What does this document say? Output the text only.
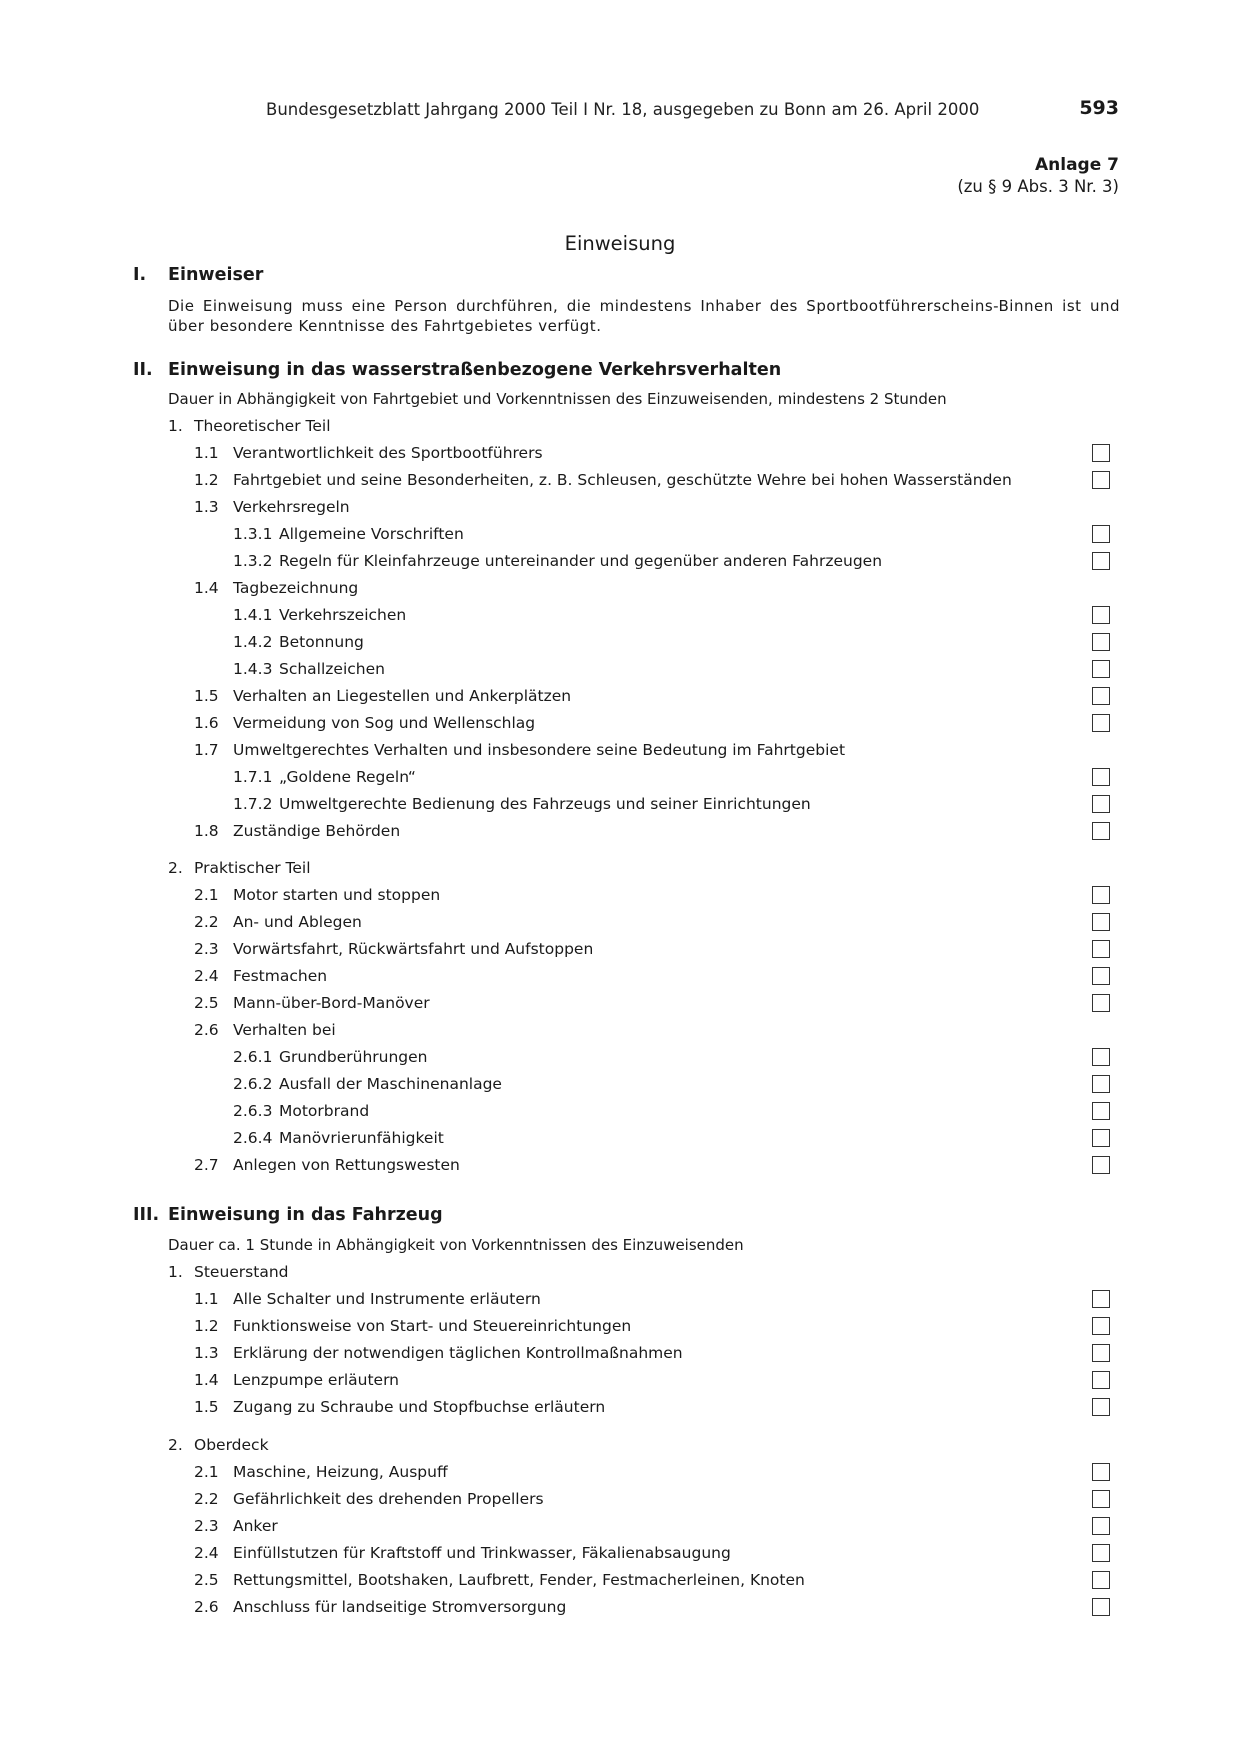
Bundesgesetzblatt Jahrgang 2000 Teil I Nr. 18, ausgegeben zu Bonn am 26. April 2000	593
Anlage 7
(zu § 9 Abs. 3 Nr. 3)
Einweisung
I. Einweiser
Die Einweisung muss eine Person durchführen, die mindestens Inhaber des Sportbootführerscheins-Binnen ist und über besondere Kenntnisse des Fahrtgebietes verfügt.
II. Einweisung in das wasserstraßenbezogene Verkehrsverhalten
Dauer in Abhängigkeit von Fahrtgebiet und Vorkenntnissen des Einzuweisenden, mindestens 2 Stunden
III. Einweisung in das Fahrzeug
Dauer ca. 1 Stunde in Abhängigkeit von Vorkenntnissen des Einzuweisenden
1. Theoretischer Teil
1.1 Verantwortlichkeit des Sportbootführers
1.2 Fahrtgebiet und seine Besonderheiten, z. B. Schleusen, geschützte Wehre bei hohen Wasserständen
1.3 Verkehrsregeln
1.3.1 Allgemeine Vorschriften
1.3.2 Regeln für Kleinfahrzeuge untereinander und gegenüber anderen Fahrzeugen
1.4 Tagbezeichnung
1.4.1 Verkehrszeichen
1.4.2 Betonnung
1.4.3 Schallzeichen
1.5 Verhalten an Liegestellen und Ankerplätzen
1.6 Vermeidung von Sog und Wellenschlag
1.7 Umweltgerechtes Verhalten und insbesondere seine Bedeutung im Fahrtgebiet
1.7.1 „Goldene Regeln“
1.7.2 Umweltgerechte Bedienung des Fahrzeugs und seiner Einrichtungen
1.8 Zuständige Behörden
2. Praktischer Teil
2.1 Motor starten und stoppen
2.2 An- und Ablegen
2.3 Vorwärtsfahrt, Rückwärtsfahrt und Aufstoppen
2.4 Festmachen
2.5 Mann-über-Bord-Manöver
2.6 Verhalten bei
2.6.1 Grundberührungen
2.6.2 Ausfall der Maschinenanlage
2.6.3 Motorbrand
2.6.4 Manövrierunfähigkeit
2.7 Anlegen von Rettungswesten
1. Steuerstand
1.1 Alle Schalter und Instrumente erläutern
1.2 Funktionsweise von Start- und Steuereinrichtungen
1.3 Erklärung der notwendigen täglichen Kontrollmaßnahmen
1.4 Lenzpumpe erläutern
1.5 Zugang zu Schraube und Stopfbuchse erläutern
2. Oberdeck
2.1 Maschine, Heizung, Auspuff
2.2 Gefährlichkeit des drehenden Propellers
2.3 Anker
2.4 Einfüllstutzen für Kraftstoff und Trinkwasser, Fäkalienabsaugung
2.5 Rettungsmittel, Bootshaken, Laufbrett, Fender, Festmacherleinen, Knoten
2.6 Anschluss für landseitige Stromversorgung
